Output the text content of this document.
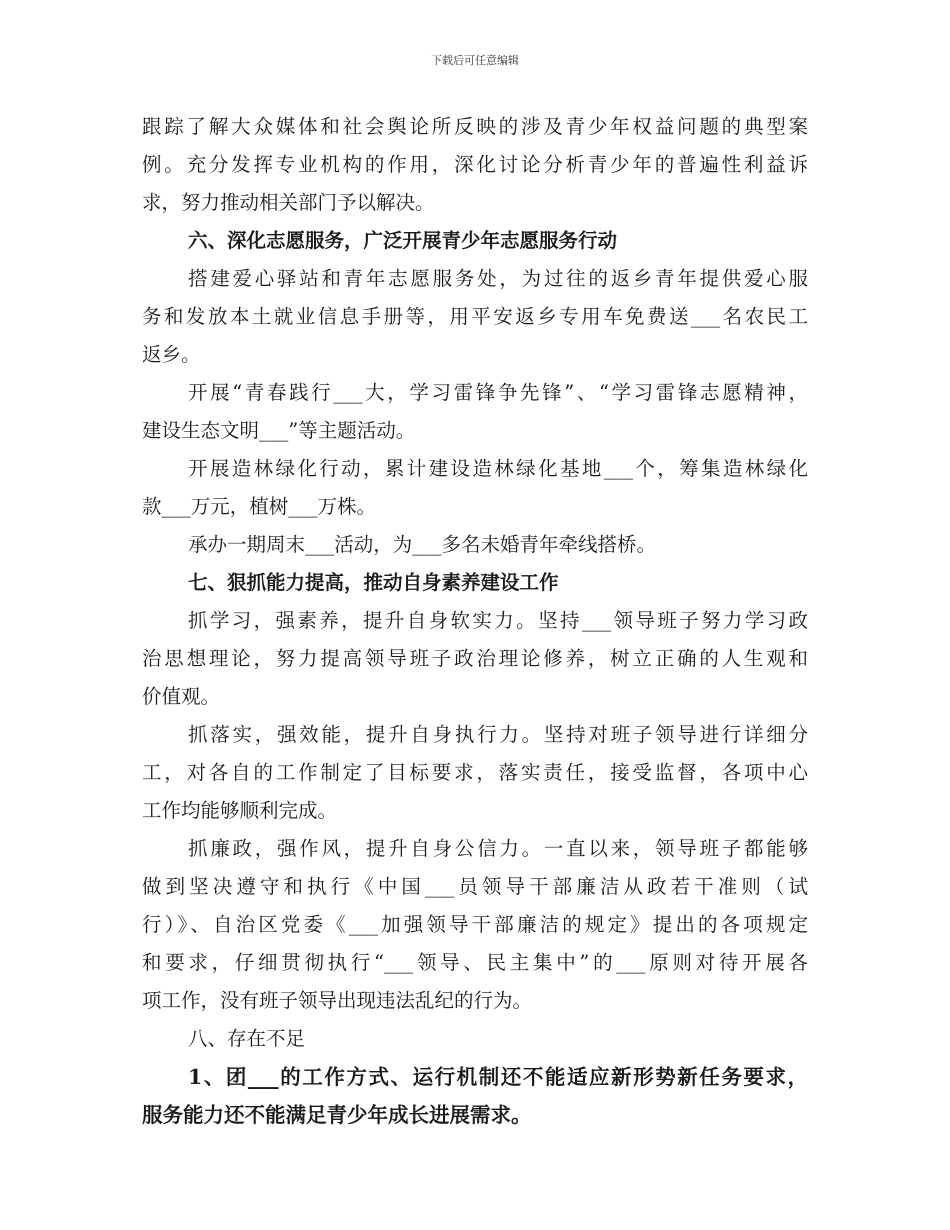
下载后可任意编辑
跟踪了解大众媒体和社会舆论所反映的涉及青少年权益问题的典型案
例。充分发挥专业机构的作用，深化讨论分析青少年的普遍性利益诉
求，努力推动相关部门予以解决。
六、深化志愿服务，广泛开展青少年志愿服务行动
搭建爱心驿站和青年志愿服务处，为过往的返乡青年提供爱心服
务和发放本土就业信息手册等，用平安返乡专用车免费送___名农民工
返乡。
开展“青春践行___大，学习雷锋争先锋”、“学习雷锋志愿精神，
建设生态文明___”等主题活动。
开展造林绿化行动，累计建设造林绿化基地___个，筹集造林绿化
款___万元，植树___万株。
承办一期周末___活动，为___多名未婚青年牵线搭桥。
七、狠抓能力提高，推动自身素养建设工作
抓学习，强素养，提升自身软实力。坚持___领导班子努力学习政
治思想理论，努力提高领导班子政治理论修养，树立正确的人生观和
价值观。
抓落实，强效能，提升自身执行力。坚持对班子领导进行详细分
工，对各自的工作制定了目标要求，落实责任，接受监督，各项中心
工作均能够顺利完成。
抓廉政，强作风，提升自身公信力。一直以来，领导班子都能够
做到坚决遵守和执行《中国___员领导干部廉洁从政若干准则（试
行）》、自治区党委《___加强领导干部廉洁的规定》提出的各项规定
和要求，仔细贯彻执行“___领导、民主集中”的___原则对待开展各
项工作，没有班子领导出现违法乱纪的行为。
八、存在不足
1、团___的工作方式、运行机制还不能适应新形势新任务要求，
服务能力还不能满足青少年成长进展需求。
